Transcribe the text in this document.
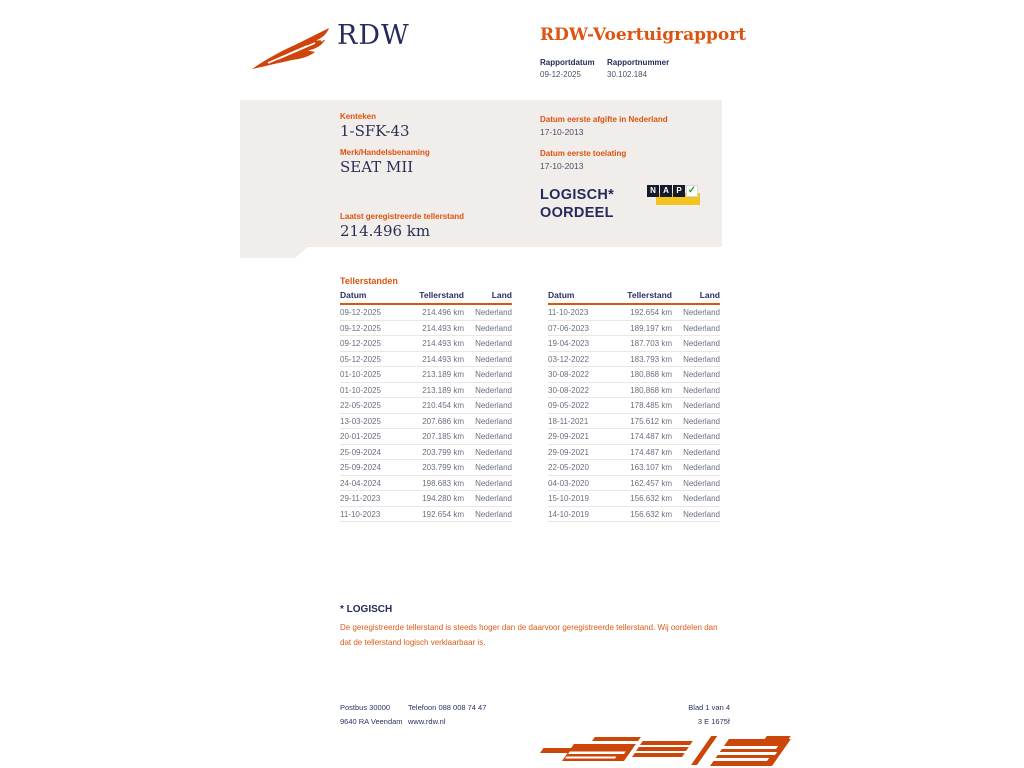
RDW	RDW-Voertuigrapport
Rapportdatum
09-12-2025
Rapportnummer
30.102.184
Kenteken
1-SFK-43
Merk/Handelsbenaming
SEAT MII
Laatst geregistreerde tellerstand
214.496 km
Datum eerste afgifte in Nederland
17-10-2013
Datum eerste toelating
17-10-2013
LOGISCH*
OORDEEL
N A P ✓
Tellerstanden
Datum	Tellerstand	Land
09-12-2025	214.496 km	Nederland
09-12-2025	214.493 km	Nederland
09-12-2025	214.493 km	Nederland
05-12-2025	214.493 km	Nederland
01-10-2025	213.189 km	Nederland
01-10-2025	213.189 km	Nederland
22-05-2025	210.454 km	Nederland
13-03-2025	207.686 km	Nederland
20-01-2025	207.185 km	Nederland
25-09-2024	203.799 km	Nederland
25-09-2024	203.799 km	Nederland
24-04-2024	198.683 km	Nederland
29-11-2023	194.280 km	Nederland
11-10-2023	192.654 km	Nederland
Datum	Tellerstand	Land
11-10-2023	192.654 km	Nederland
07-06-2023	189.197 km	Nederland
19-04-2023	187.703 km	Nederland
03-12-2022	183.793 km	Nederland
30-08-2022	180.868 km	Nederland
30-08-2022	180.868 km	Nederland
09-05-2022	178.485 km	Nederland
18-11-2021	175.612 km	Nederland
29-09-2021	174.487 km	Nederland
29-09-2021	174.487 km	Nederland
22-05-2020	163.107 km	Nederland
04-03-2020	162.457 km	Nederland
15-10-2019	156.632 km	Nederland
14-10-2019	156.632 km	Nederland
* LOGISCH
De geregistreerde tellerstand is steeds hoger dan de daarvoor geregistreerde tellerstand. Wij oordelen dan
dat de tellerstand logisch verklaarbaar is.
Postbus 30000
9640 RA Veendam
Telefoon 088 008 74 47
www.rdw.nl
Blad 1 van 4
3 E 1675f
